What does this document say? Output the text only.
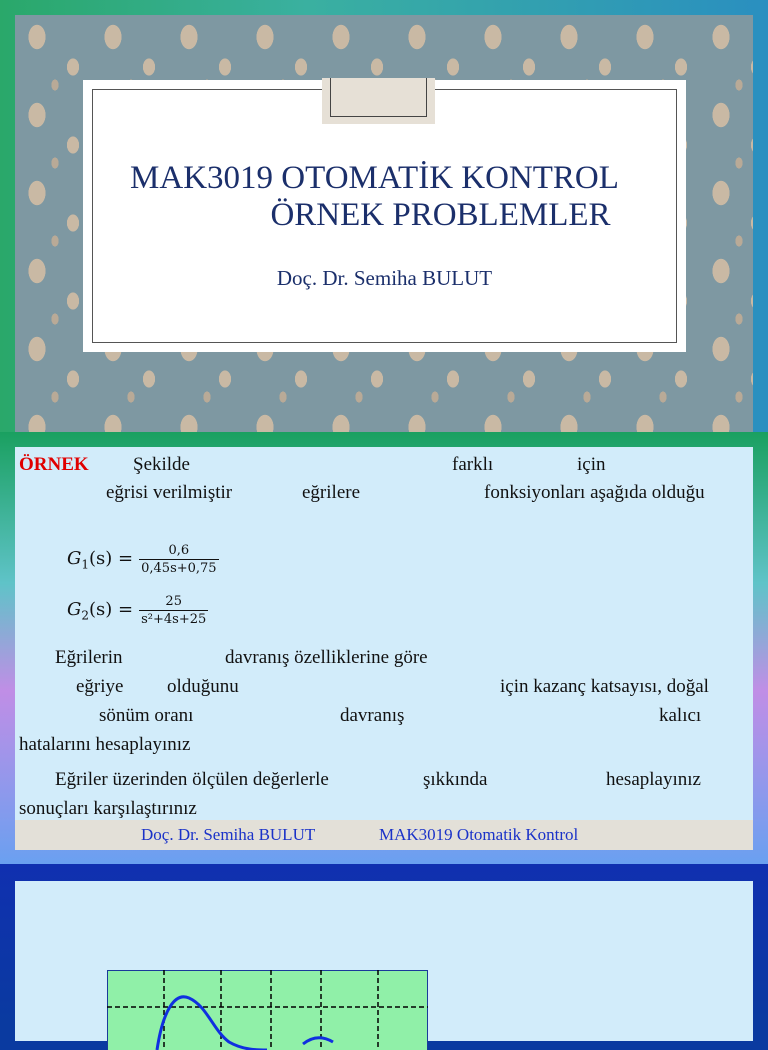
MAK3019 OTOMATİK KONTROL
ÖRNEK PROBLEMLER
Doç. Dr. Semiha BULUT
ÖRNEK Şekilde	farklı	için
eğrisi verilmiştir	eğrilere	fonksiyonları aşağıda olduğu
$G_1(s) = \frac{0,6}{0,45s+0,75}$
$G_2(s) = \frac{25}{\text{s²+4s+25}}$
Eğrilerin	davranış özelliklerine göre
eğriye olduğunu	için kazanç katsayısı, doğal
sönüm oranı	davranış	kalıcı
hatalarını hesaplayınız
Eğriler üzerinden ölçülen değerlerle	şıkkında	hesaplayınız
sonuçları karşılaştırınız
Doç. Dr. Semiha BULUT	MAK3019 Otomatik Kontrol
